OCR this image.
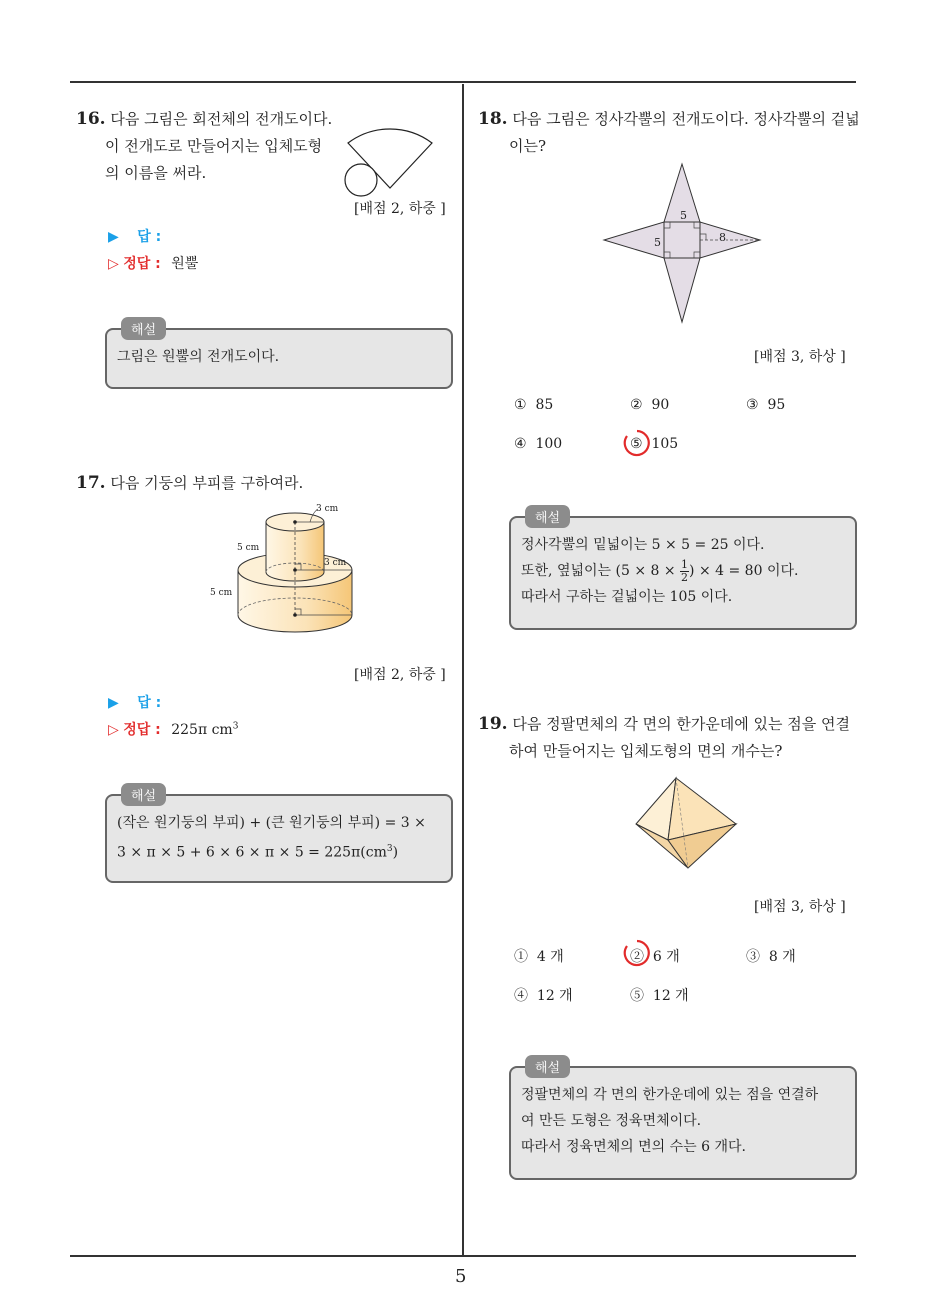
5
16. 다음 그림은 회전체의 전개도이다.
이 전개도로 만들어지는 입체도형
의 이름을 써라.
[배점 2, 하중 ]
▶ 답 :
▷ 정답 : 원뿔
해설
그림은 원뿔의 전개도이다.
17. 다음 기둥의 부피를 구하여라.
3 cm
5 cm
3 cm
5 cm
[배점 2, 하중 ]
▶ 답 :
▷ 정답 : 225π $cm^3$
해설
(작은 원기둥의 부피) + (큰 원기둥의 부피) = 3 ×
$3 \times \pi \times 5 + 6 \times 6 \times \pi \times 5 = 225\pi(cm^3)$
18. 다음 그림은 정사각뿔의 전개도이다. 정사각뿔의 겉넓
이는?
5
5	8
[배점 3, 하상 ]
① 85	② 90	③ 95
④ 100	⑤ 105
해설
정사각뿔의 밑넓이는 5 × 5 = 25 이다.
또한, 옆넓이는 ($5 \times 8 \times \frac{1}{2}$ ) × 4 = 80 이다.
따라서 구하는 겉넓이는 105 이다.
19. 다음 정팔면체의 각 면의 한가운데에 있는 점을 연결
하여 만들어지는 입체도형의 면의 개수는?
[배점 3, 하상 ]
① 4 개	② 6 개	③ 8 개
④ 12 개	⑤ 12 개
해설
정팔면체의 각 면의 한가운데에 있는 점을 연결하
여 만든 도형은 정육면체이다.
따라서 정육면체의 면의 수는 6 개다.
